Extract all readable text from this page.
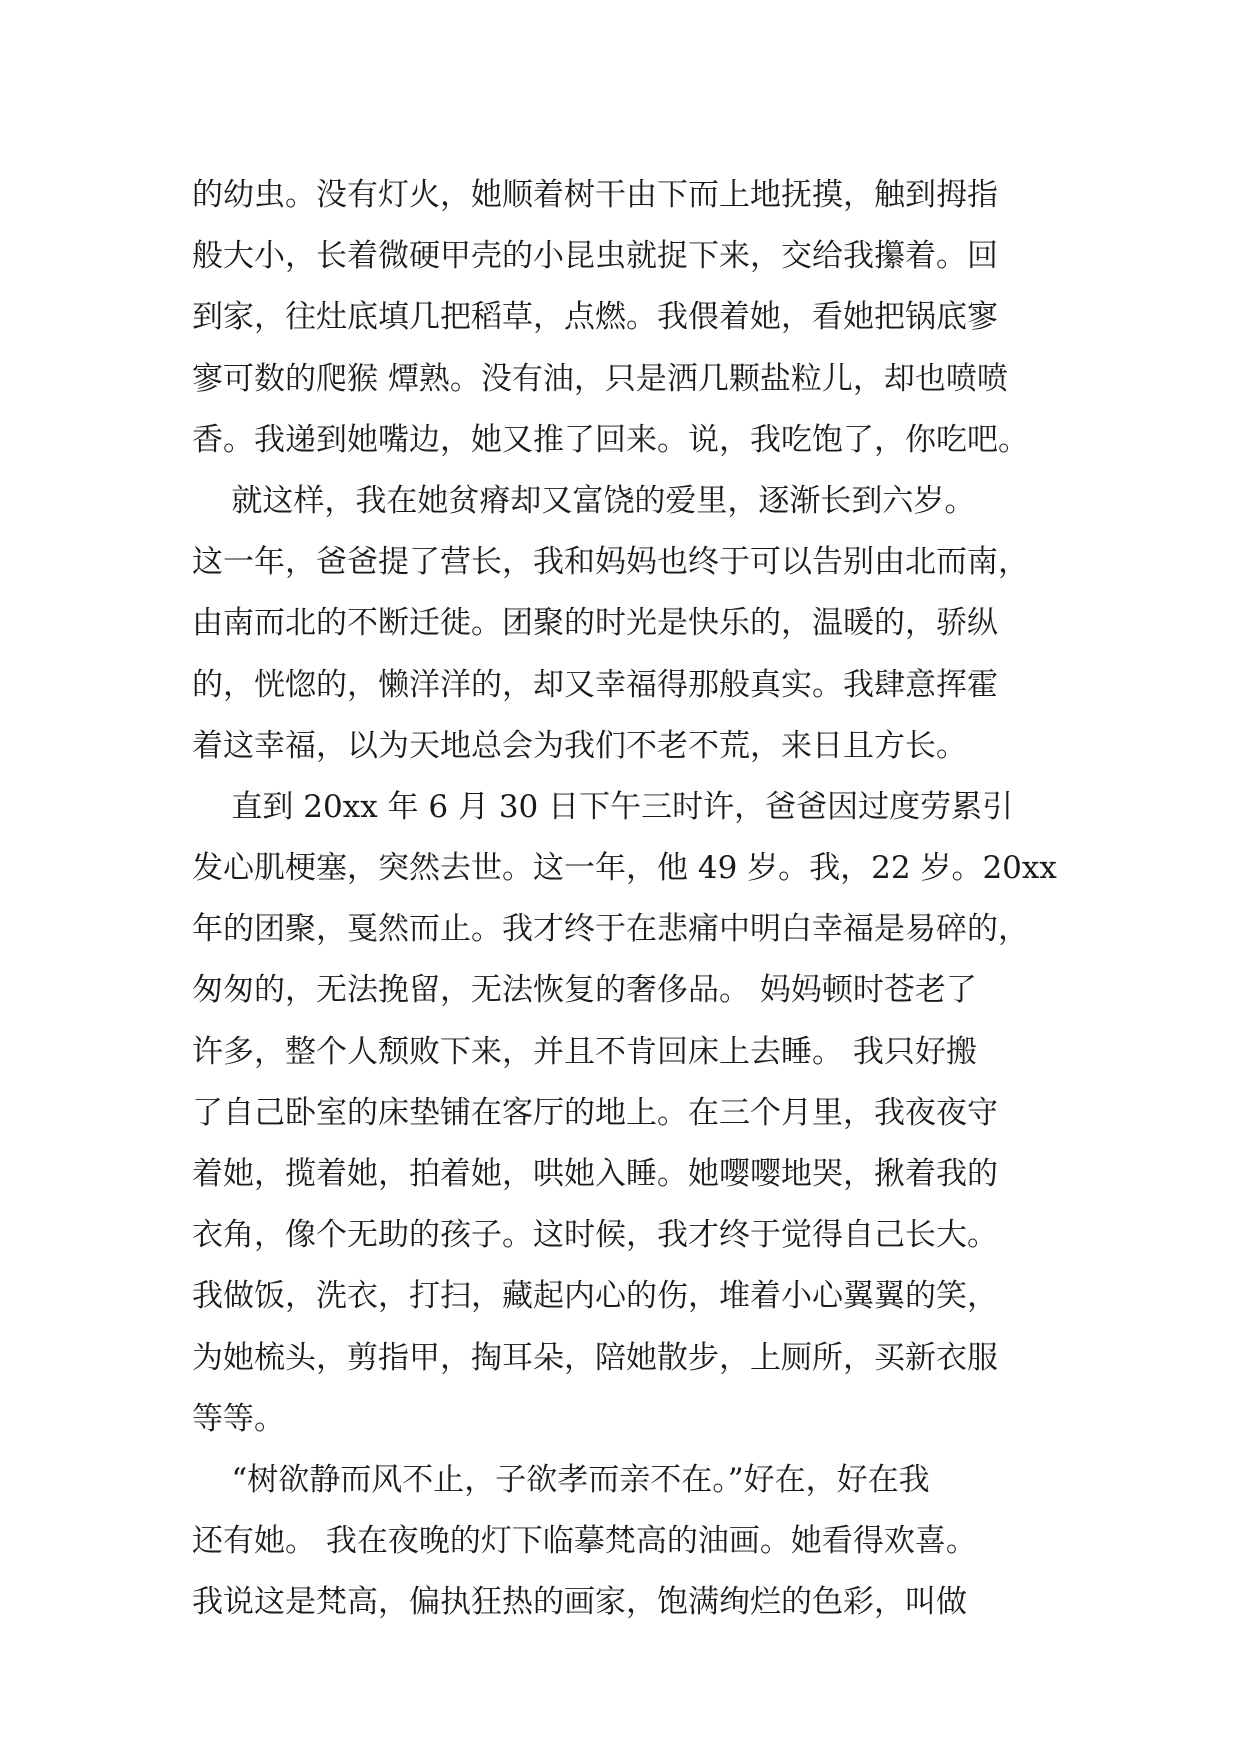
的幼虫。没有灯火，她顺着树干由下而上地抚摸，触到拇指
般大小，长着微硬甲壳的小昆虫就捉下来，交给我攥着。回
到家，往灶底填几把稻草，点燃。我偎着她，看她把锅底寥
寥可数的爬猴 燂熟。没有油，只是洒几颗盐粒儿，却也喷喷
香。我递到她嘴边，她又推了回来。说，我吃饱了，你吃吧。
就这样，我在她贫瘠却又富饶的爱里，逐渐长到六岁。
这一年，爸爸提了营长，我和妈妈也终于可以告别由北而南，
由南而北的不断迁徙。团聚的时光是快乐的，温暖的，骄纵
的，恍惚的，懒洋洋的，却又幸福得那般真实。我肆意挥霍
着这幸福，以为天地总会为我们不老不荒，来日且方长。
直到 20xx 年 6 月 30 日下午三时许，爸爸因过度劳累引
发心肌梗塞，突然去世。这一年，他 49 岁。我，22 岁。20xx
年的团聚，戛然而止。我才终于在悲痛中明白幸福是易碎的，
匆匆的，无法挽留，无法恢复的奢侈品。 妈妈顿时苍老了
许多，整个人颓败下来，并且不肯回床上去睡。 我只好搬
了自己卧室的床垫铺在客厅的地上。在三个月里，我夜夜守
着她，揽着她，拍着她，哄她入睡。她嘤嘤地哭，揪着我的
衣角，像个无助的孩子。这时候，我才终于觉得自己长大。
我做饭，洗衣，打扫，藏起内心的伤，堆着小心翼翼的笑，
为她梳头，剪指甲，掏耳朵，陪她散步，上厕所，买新衣服
等等。
“树欲静而风不止，子欲孝而亲不在。”好在，好在我
还有她。 我在夜晚的灯下临摹梵高的油画。她看得欢喜。
我说这是梵高，偏执狂热的画家，饱满绚烂的色彩，叫做
